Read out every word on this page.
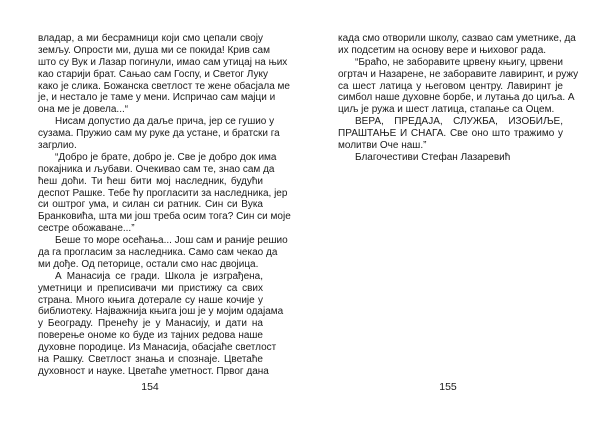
владар, а ми бесрамници који смо цепали своју
земљу. Опрости ми, душа ми се покида! Крив сам
што су Вук и Лазар погинули, имао сам утицај на њих
као старији брат. Сањао сам Госпу, и Светог Луку
како је слика. Божанска светлост те жене обасјала ме
је, и нестало је таме у мени. Испричао сам мајци и
она ме је довела...“
Нисам допустио да даље прича, јер се гушио у
сузама. Пружио сам му руке да устане, и братски га
загрлио.
“Добро је брате, добро је. Све је добро док има
покајника и љубави. Очекивао сам те, знао сам да
ћеш доћи. Ти ћеш бити мој наследник, будући
деспот Рашке. Тебе ћу прогласити за наследника, јер
си оштрог ума, и силан си ратник. Син си Вука
Бранковића, шта ми још треба осим тога? Син си моје
сестре обожаване...”
Беше то море осећања... Још сам и раније решио
да га прогласим за наследника. Само сам чекао да
ми дође. Од петорице, остали смо нас двојица.
А Манасија се гради. Школа је изграђена,
уметници и преписивачи ми пристижу са свих
страна. Много књига дотерале су наше кочије у
библиотеку. Најважнија књига још је у мојим одајама
у Београду. Пренећу је у Манасију, и дати на
поверење ономе ко буде из тајних редова наше
духовне породице. Из Манасија, обасјаће светлост
на Рашку. Светлост знања и спознаје. Цветаће
духовност и науке. Цветаће уметност. Првог дана
154
када смо отворили школу, сазвао сам уметнике, да
их подсетим на основу вере и њиховог рада.
“Браћо, не заборавите црвену књигу, црвени
огртач и Назарене, не заборавите лавиринт, и ружу
са шест латица у његовом центру. Лавиринт је
симбол наше духовне борбе, и лутања до циља. А
циљ је ружа и шест латица, стапање са Оцем.
ВЕРА, ПРЕДАЈА, СЛУЖБА, ИЗОБИЉЕ,
ПРАШТАЊЕ И СНАГА. Све оно што тражимо у
молитви Оче наш.”
Благочестиви Стефан Лазаревић
155
